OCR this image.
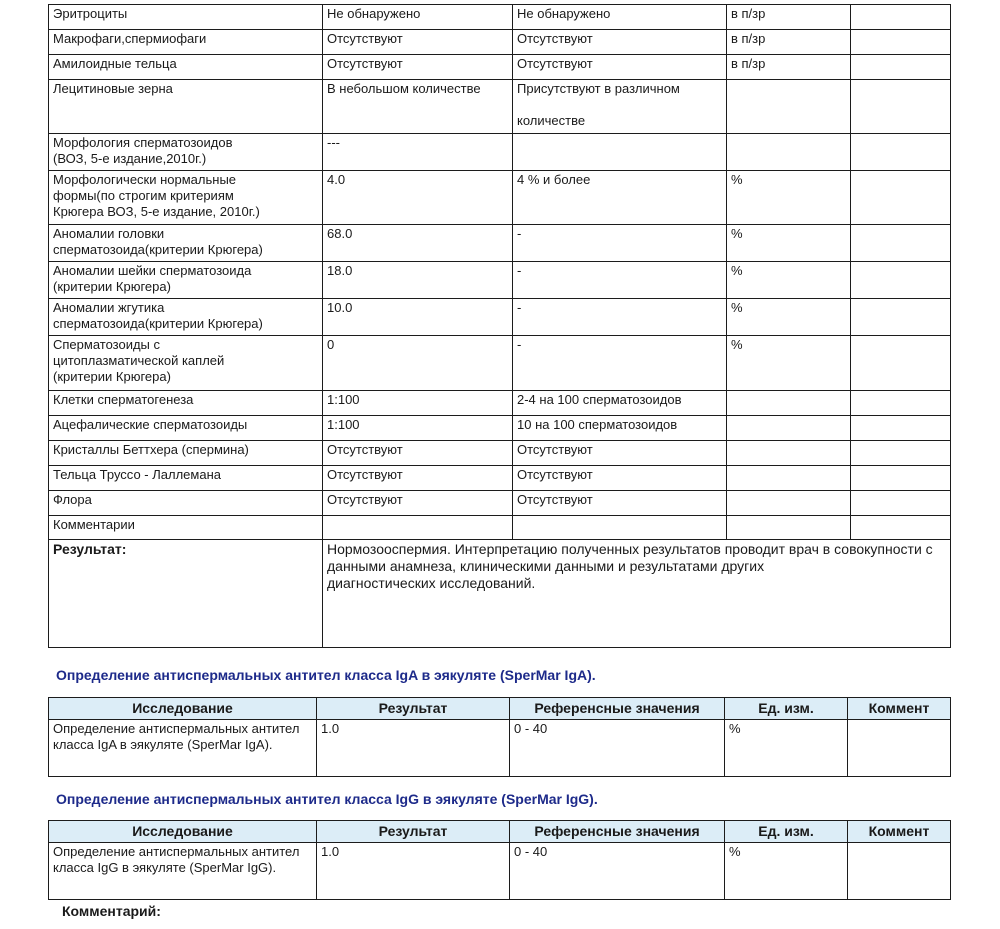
Эритроциты	Не обнаружено	Не обнаружено	в п/зр	
Макрофаги,спермиофаги	Отсутствуют	Отсутствуют	в п/зр	
Амилоидные тельца	Отсутствуют	Отсутствуют	в п/зр	
Лецитиновые зерна	В небольшом количестве	Присутствуют в различном

количестве		
Морфология сперматозоидов
(ВОЗ, 5-е издание,2010г.)	---			
Морфологически нормальные
формы(по строгим критериям
Крюгера ВОЗ, 5-е издание, 2010г.)	4.0	4 % и более	%	
Аномалии головки
сперматозоида(критерии Крюгера)	68.0	-	%	
Аномалии шейки сперматозоида
(критерии Крюгера)	18.0	-	%	
Аномалии жгутика
сперматозоида(критерии Крюгера)	10.0	-	%	
Сперматозоиды с
цитоплазматической каплей
(критерии Крюгера)	0	-	%	
Клетки сперматогенеза	1:100	2-4 на 100 сперматозоидов		
Ацефалические сперматозоиды	1:100	10 на 100 сперматозоидов		
Кристаллы Беттхера (спермина)	Отсутствуют	Отсутствуют		
Тельца Труссо - Лаллемана	Отсутствуют	Отсутствуют		
Флора	Отсутствуют	Отсутствуют		
Комментарии				
Результат:	Нормозооспермия. Интерпретацию полученных результатов проводит врач в совокупности с данными анамнеза, клиническими данными и результатами других
диагностических исследований.			
Определение антиспермальных антител класса IgA в эякуляте (SperMar IgA).
Исследование	Результат	Референсные значения	Ед. изм.	Коммент
Определение антиспермальных антител класса IgA в эякуляте (SperMar IgA).	1.0	0 - 40	%	
Определение антиспермальных антител класса IgG в эякуляте (SperMar IgG).
Исследование	Результат	Референсные значения	Ед. изм.	Коммент
Определение антиспермальных антител класса IgG в эякуляте (SperMar IgG).	1.0	0 - 40	%	
Комментарий:
